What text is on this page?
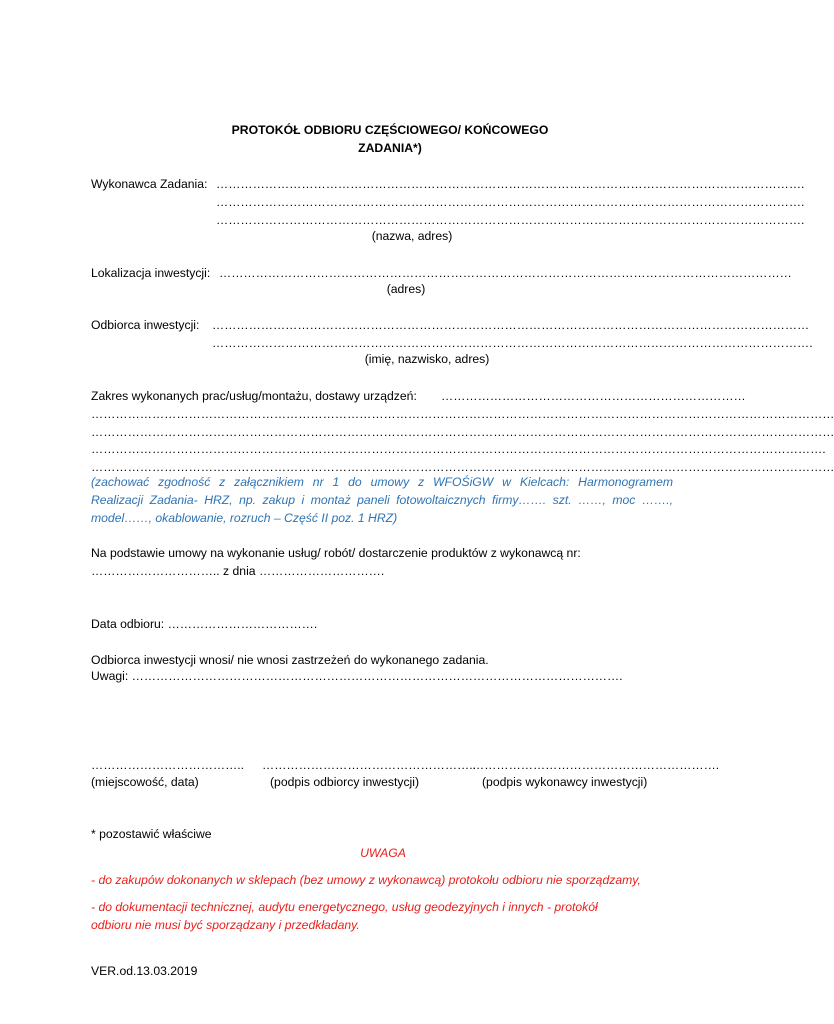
PROTOKÓŁ ODBIORU CZĘŚCIOWEGO/ KOŃCOWEGO
ZADANIA*)
Wykonawca Zadania: ……………………………………………………………………………………………………………………………….
……………………………………………………………………………………………………………………………….
……………………………………………………………………………………………………………………………….
(nazwa, adres)
Lokalizacja inwestycji: ……………………………………………………………………………………………………………………………
(adres)
Odbiorca inwestycji: …………………………………………………………………………………………………………………………………
………………………………………………………………………………………………………………………………….
(imię, nazwisko, adres)
Zakres wykonanych prac/usług/montażu, dostawy urządzeń: …………………………………………………………………
…………………………………………………………………………………………………………………………………………………………………
…………………………………………………………………………………………………………………………………………………………………
……………………………………………………………………………………………………………………………………………………………….
…………………………………………………………………………………………………………………………………………………………………
(zachować zgodność z załącznikiem nr 1 do umowy z WFOŚiGW w Kielcach: Harmonogramem
Realizacji Zadania- HRZ, np. zakup i montaż paneli fotowoltaicznych firmy……. szt. ……, moc …….,
model……, okablowanie, rozruch – Część II poz. 1 HRZ)
Na podstawie umowy na wykonanie usług/ robót/ dostarczenie produktów z wykonawcą nr:
………………………….. z dnia ………………………….
Data odbioru: ……………………………….
Odbiorca inwestycji wnosi/ nie wnosi zastrzeżeń do wykonanego zadania.
Uwagi: ………………………………………………………………………………………………………….
……………………………….. ……………………………………………..
…………………………………………………….
(miejscowość, data)	(podpis odbiorcy inwestycji)	(podpis wykonawcy inwestycji)
* pozostawić właściwe
UWAGA
- do zakupów dokonanych w sklepach (bez umowy z wykonawcą) protokołu odbioru nie sporządzamy,
- do dokumentacji technicznej, audytu energetycznego, usług geodezyjnych i innych - protokół
odbioru nie musi być sporządzany i przedkładany.
VER.od.13.03.2019
